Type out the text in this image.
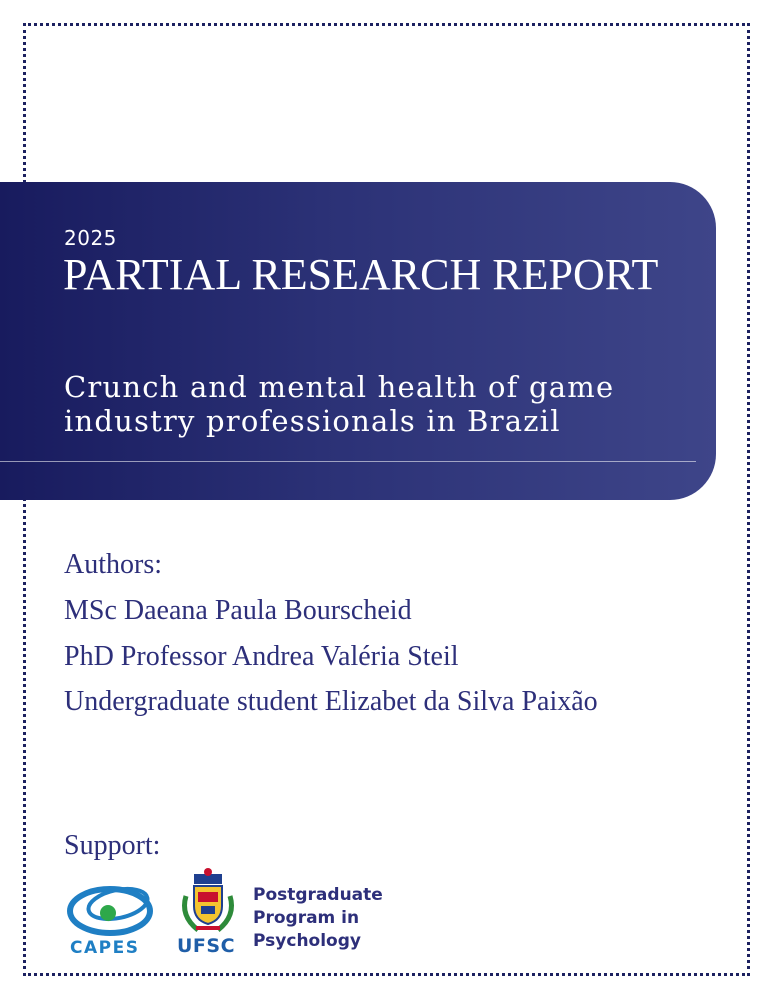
2025
PARTIAL RESEARCH REPORT

Crunch and mental health of game industry professionals in Brazil

Authors:
MSc Daeana Paula Bourscheid
PhD Professor Andrea Valéria Steil
Undergraduate student Elizabet da Silva Paixão
Support:
CAPES UFSC
Postgraduate
Program in
Psychology
